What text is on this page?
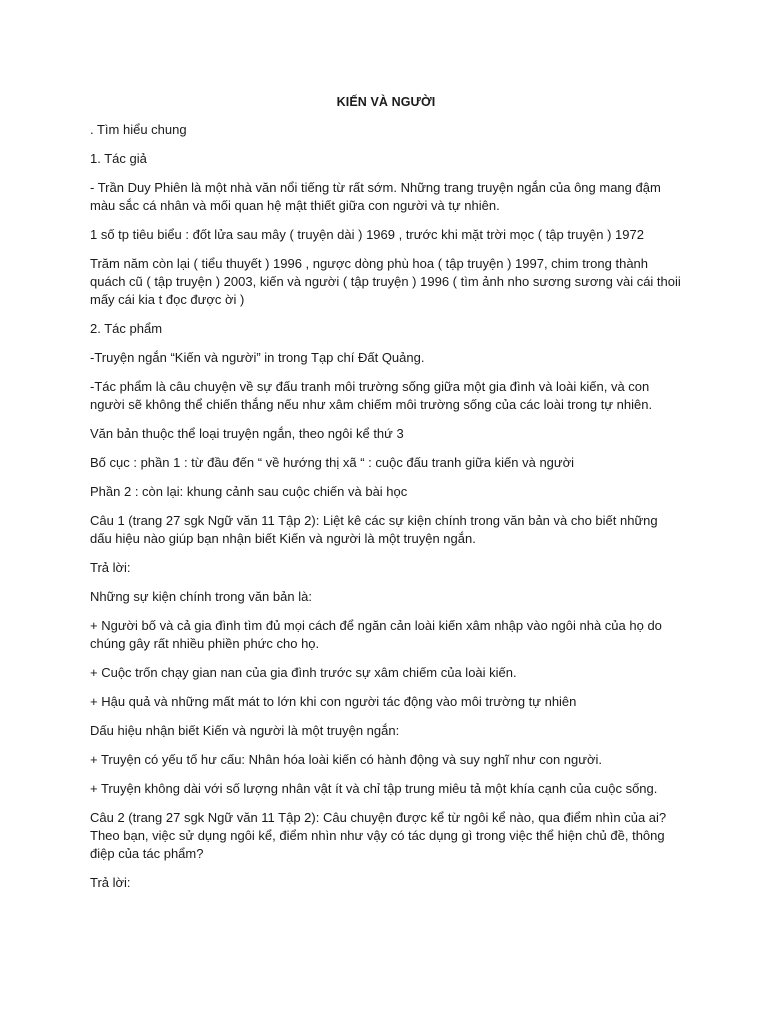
KIẾN VÀ NGƯỜI

. Tìm hiểu chung

1. Tác giả

- Trần Duy Phiên là một nhà văn nổi tiếng từ rất sớm. Những trang truyện ngắn của ông mang đậm màu sắc cá nhân và mối quan hệ mật thiết giữa con người và tự nhiên.

1 số tp tiêu biểu : đốt lửa sau mây ( truyện dài ) 1969 , trước khi mặt trời mọc ( tập truyện ) 1972

Trăm năm còn lại ( tiểu thuyết ) 1996 , ngược dòng phù hoa ( tập truyện ) 1997, chim trong thành quách cũ ( tập truyện ) 2003, kiến và người ( tập truyện ) 1996 ( tìm ảnh nho sương sương vài cái thoii mấy cái kia t đọc được ời )

2. Tác phẩm

-Truyện ngắn “Kiến và người” in trong Tạp chí Đất Quảng.

-Tác phẩm là câu chuyện về sự đấu tranh môi trường sống giữa một gia đình và loài kiến, và con người sẽ không thể chiến thắng nếu như xâm chiếm môi trường sống của các loài trong tự nhiên.

Văn bản thuộc thể loại truyện ngắn, theo ngôi kể thứ 3

Bố cục : phần 1 : từ đầu đến “ về hướng thị xã “ : cuộc đấu tranh giữa kiến và người

Phần 2 : còn lại: khung cảnh sau cuộc chiến và bài học

Câu 1 (trang 27 sgk Ngữ văn 11 Tập 2): Liệt kê các sự kiện chính trong văn bản và cho biết những dấu hiệu nào giúp bạn nhận biết Kiến và người là một truyện ngắn.

Trả lời:

Những sự kiện chính trong văn bản là:

+ Người bố và cả gia đình tìm đủ mọi cách để ngăn cản loài kiến xâm nhập vào ngôi nhà của họ do chúng gây rất nhiều phiền phức cho họ.

+ Cuộc trốn chạy gian nan của gia đình trước sự xâm chiếm của loài kiến.

+ Hậu quả và những mất mát to lớn khi con người tác động vào môi trường tự nhiên

Dấu hiệu nhận biết Kiến và người là một truyện ngắn:

+ Truyện có yếu tố hư cấu: Nhân hóa loài kiến có hành động và suy nghĩ như con người.

+ Truyện không dài với số lượng nhân vật ít và chỉ tập trung miêu tả một khía cạnh của cuộc sống.

Câu 2 (trang 27 sgk Ngữ văn 11 Tập 2): Câu chuyện được kể từ ngôi kể nào, qua điểm nhìn của ai? Theo bạn, việc sử dụng ngôi kể, điểm nhìn như vậy có tác dụng gì trong việc thể hiện chủ đề, thông điệp của tác phẩm?

Trả lời:
